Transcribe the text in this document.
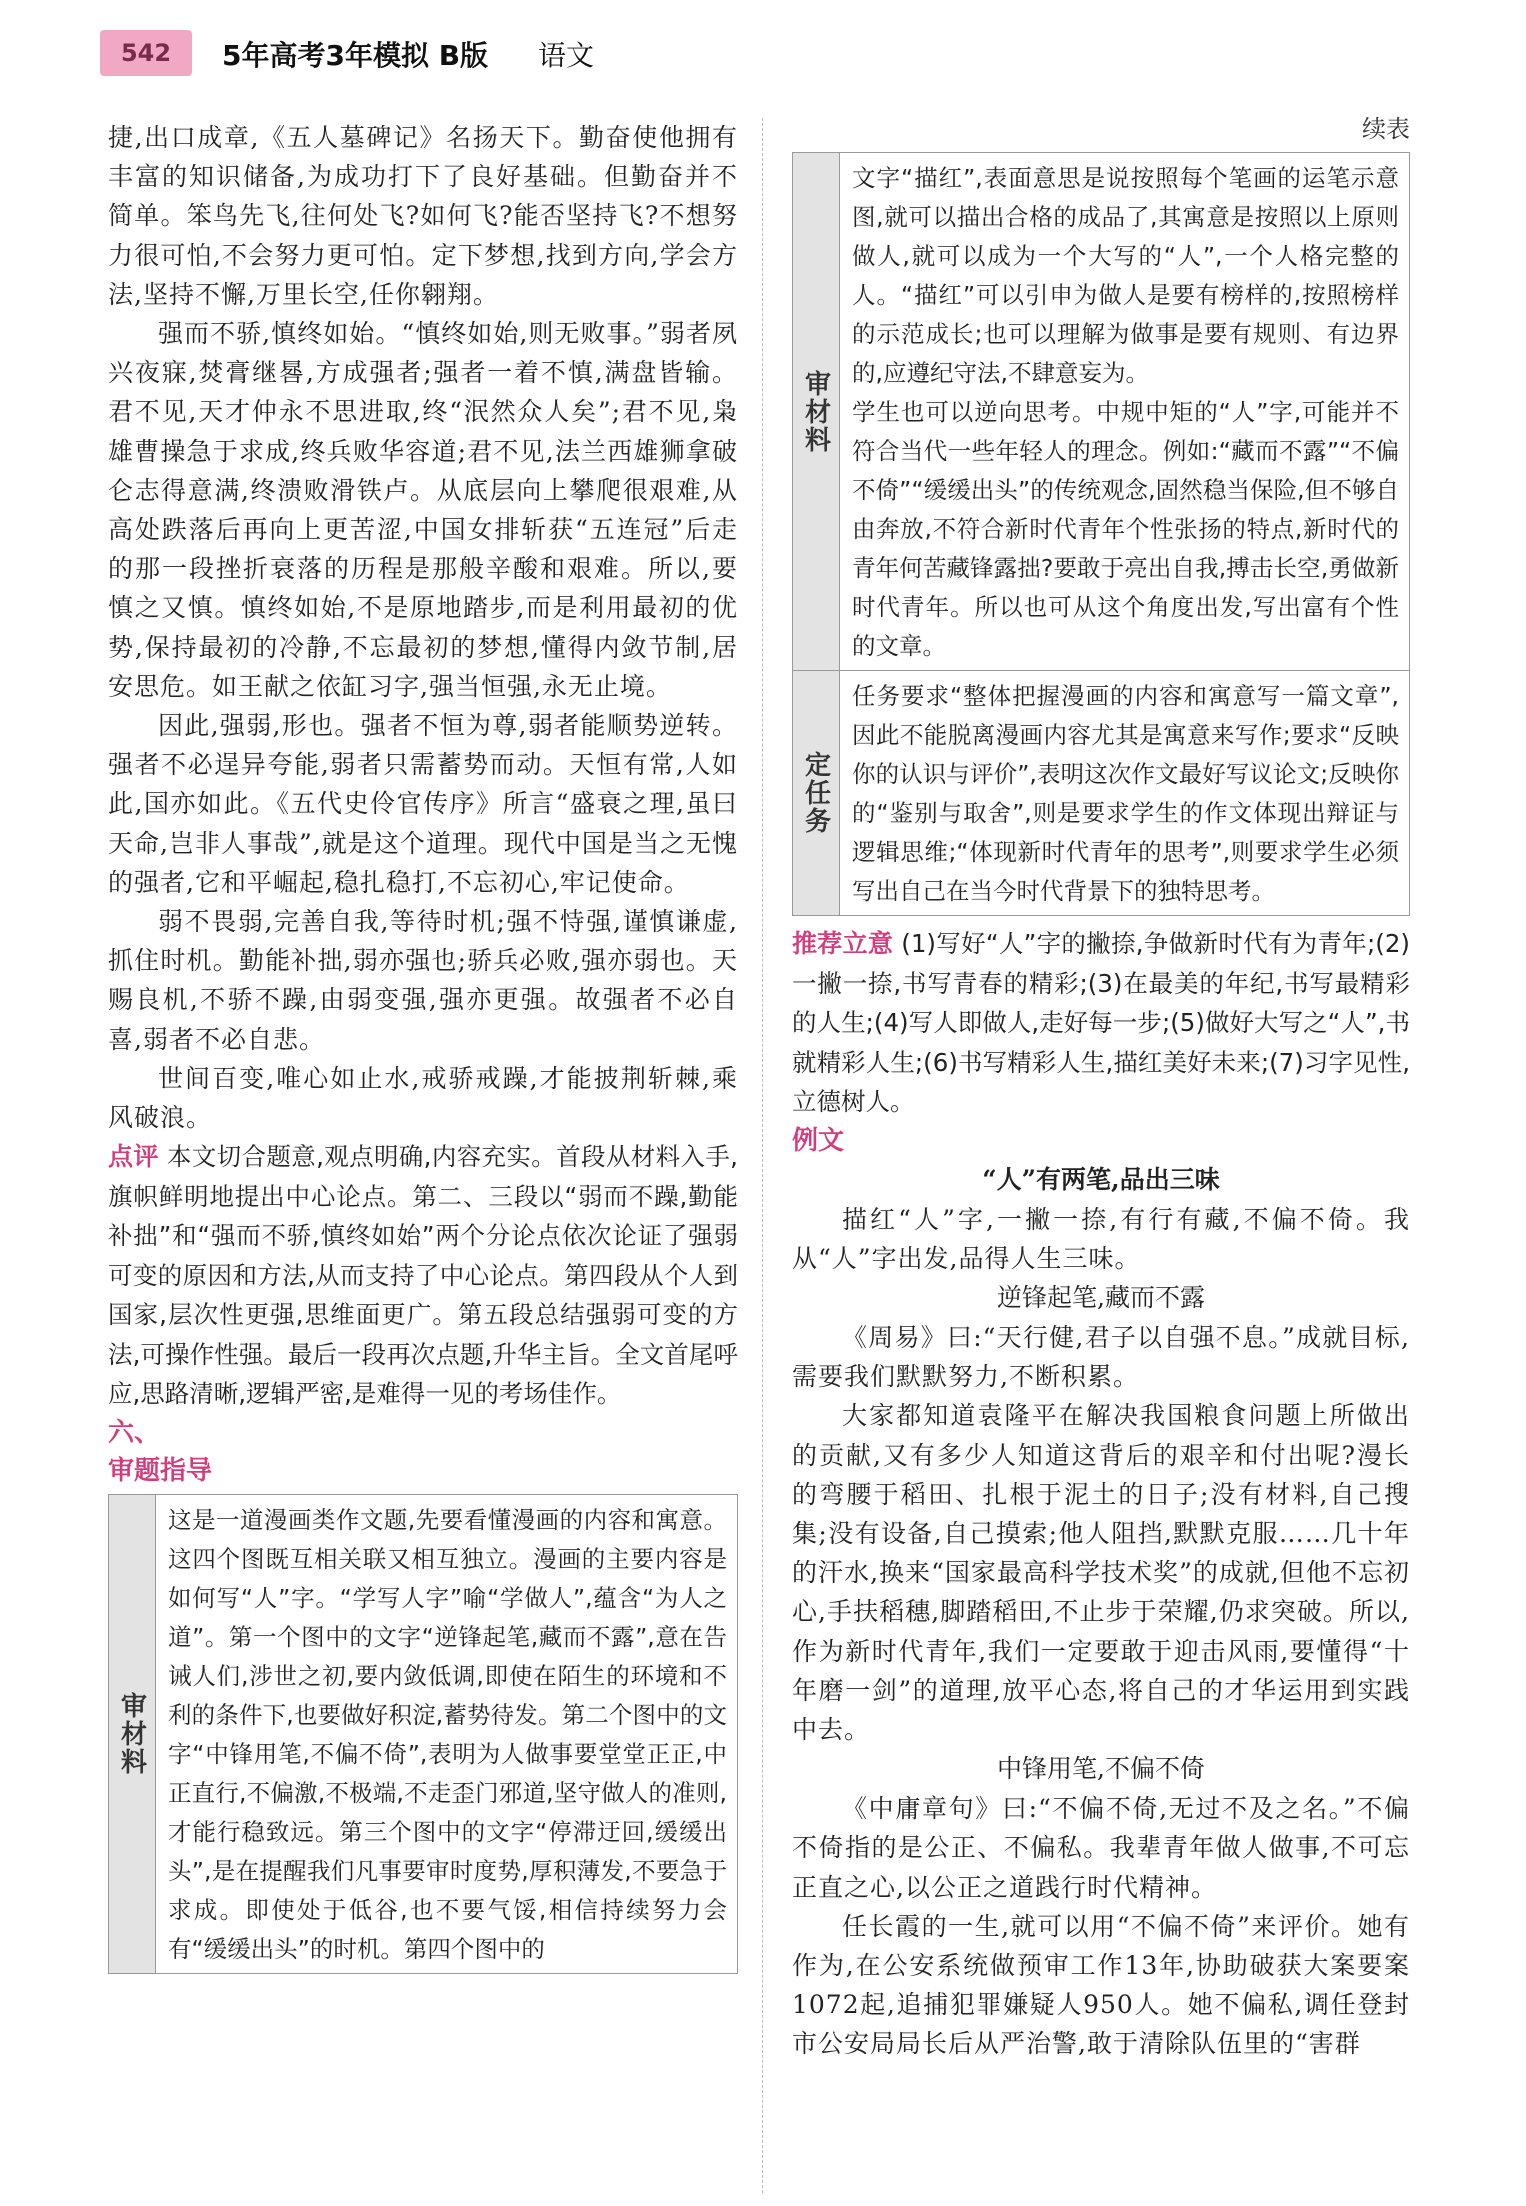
542	5年高考3年模拟 B版 语文

捷,出口成章,《五人墓碑记》名扬天下。勤奋使他拥有丰富的知识储备,为成功打下了良好基础。但勤奋并不简单。笨鸟先飞,往何处飞?如何飞?能否坚持飞?不想努力很可怕,不会努力更可怕。定下梦想,找到方向,学会方法,坚持不懈,万里长空,任你翱翔。

强而不骄,慎终如始。“慎终如始,则无败事。”弱者夙兴夜寐,焚膏继晷,方成强者;强者一着不慎,满盘皆输。君不见,天才仲永不思进取,终“泯然众人矣”;君不见,枭雄曹操急于求成,终兵败华容道;君不见,法兰西雄狮拿破仑志得意满,终溃败滑铁卢。从底层向上攀爬很艰难,从高处跌落后再向上更苦涩,中国女排斩获“五连冠”后走的那一段挫折衰落的历程是那般辛酸和艰难。所以,要慎之又慎。慎终如始,不是原地踏步,而是利用最初的优势,保持最初的冷静,不忘最初的梦想,懂得内敛节制,居安思危。如王献之依缸习字,强当恒强,永无止境。

因此,强弱,形也。强者不恒为尊,弱者能顺势逆转。强者不必逞异夸能,弱者只需蓄势而动。天恒有常,人如此,国亦如此。《五代史伶官传序》所言“盛衰之理,虽曰天命,岂非人事哉”,就是这个道理。现代中国是当之无愧的强者,它和平崛起,稳扎稳打,不忘初心,牢记使命。

弱不畏弱,完善自我,等待时机;强不恃强,谨慎谦虚,抓住时机。勤能补拙,弱亦强也;骄兵必败,强亦弱也。天赐良机,不骄不躁,由弱变强,强亦更强。故强者不必自喜,弱者不必自悲。

世间百变,唯心如止水,戒骄戒躁,才能披荆斩棘,乘风破浪。

点评 本文切合题意,观点明确,内容充实。首段从材料入手,旗帜鲜明地提出中心论点。第二、三段以“弱而不躁,勤能补拙”和“强而不骄,慎终如始”两个分论点依次论证了强弱可变的原因和方法,从而支持了中心论点。第四段从个人到国家,层次性更强,思维面更广。第五段总结强弱可变的方法,可操作性强。最后一段再次点题,升华主旨。全文首尾呼应,思路清晰,逻辑严密,是难得一见的考场佳作。

六、
审题指导
审材料
这是一道漫画类作文题,先要看懂漫画的内容和寓意。这四个图既互相关联又相互独立。漫画的主要内容是如何写“人”字。“学写人字”喻“学做人”,蕴含“为人之道”。第一个图中的文字“逆锋起笔,藏而不露”,意在告诫人们,涉世之初,要内敛低调,即使在陌生的环境和不利的条件下,也要做好积淀,蓄势待发。第二个图中的文字“中锋用笔,不偏不倚”,表明为人做事要堂堂正正,中正直行,不偏激,不极端,不走歪门邪道,坚守做人的准则,才能行稳致远。第三个图中的文字“停滞迂回,缓缓出头”,是在提醒我们凡事要审时度势,厚积薄发,不要急于求成。即使处于低谷,也不要气馁,相信持续努力会有“缓缓出头”的时机。第四个图中的
续表
审材料
文字“描红”,表面意思是说按照每个笔画的运笔示意图,就可以描出合格的成品了,其寓意是按照以上原则做人,就可以成为一个大写的“人”,一个人格完整的人。“描红”可以引申为做人是要有榜样的,按照榜样的示范成长;也可以理解为做事是要有规则、有边界的,应遵纪守法,不肆意妄为。
学生也可以逆向思考。中规中矩的“人”字,可能并不符合当代一些年轻人的理念。例如:“藏而不露”“不偏不倚”“缓缓出头”的传统观念,固然稳当保险,但不够自由奔放,不符合新时代青年个性张扬的特点,新时代的青年何苦藏锋露拙?要敢于亮出自我,搏击长空,勇做新时代青年。所以也可从这个角度出发,写出富有个性的文章。
定任务
任务要求“整体把握漫画的内容和寓意写一篇文章”,因此不能脱离漫画内容尤其是寓意来写作;要求“反映你的认识与评价”,表明这次作文最好写议论文;反映你的“鉴别与取舍”,则是要求学生的作文体现出辩证与逻辑思维;“体现新时代青年的思考”,则要求学生必须写出自己在当今时代背景下的独特思考。

推荐立意 (1)写好“人”字的撇捺,争做新时代有为青年;(2)一撇一捺,书写青春的精彩;(3)在最美的年纪,书写最精彩的人生;(4)写人即做人,走好每一步;(5)做好大写之“人”,书就精彩人生;(6)书写精彩人生,描红美好未来;(7)习字见性,立德树人。

例文
“人”有两笔,品出三味

描红“人”字,一撇一捺,有行有藏,不偏不倚。我从“人”字出发,品得人生三味。

逆锋起笔,藏而不露

《周易》曰:“天行健,君子以自强不息。”成就目标,需要我们默默努力,不断积累。

大家都知道袁隆平在解决我国粮食问题上所做出的贡献,又有多少人知道这背后的艰辛和付出呢?漫长的弯腰于稻田、扎根于泥土的日子;没有材料,自己搜集;没有设备,自己摸索;他人阻挡,默默克服……几十年的汗水,换来“国家最高科学技术奖”的成就,但他不忘初心,手扶稻穗,脚踏稻田,不止步于荣耀,仍求突破。所以,作为新时代青年,我们一定要敢于迎击风雨,要懂得“十年磨一剑”的道理,放平心态,将自己的才华运用到实践中去。

中锋用笔,不偏不倚

《中庸章句》曰:“不偏不倚,无过不及之名。”不偏不倚指的是公正、不偏私。我辈青年做人做事,不可忘正直之心,以公正之道践行时代精神。

任长霞的一生,就可以用“不偏不倚”来评价。她有作为,在公安系统做预审工作13年,协助破获大案要案1072起,追捕犯罪嫌疑人950人。她不偏私,调任登封市公安局局长后从严治警,敢于清除队伍里的“害群
